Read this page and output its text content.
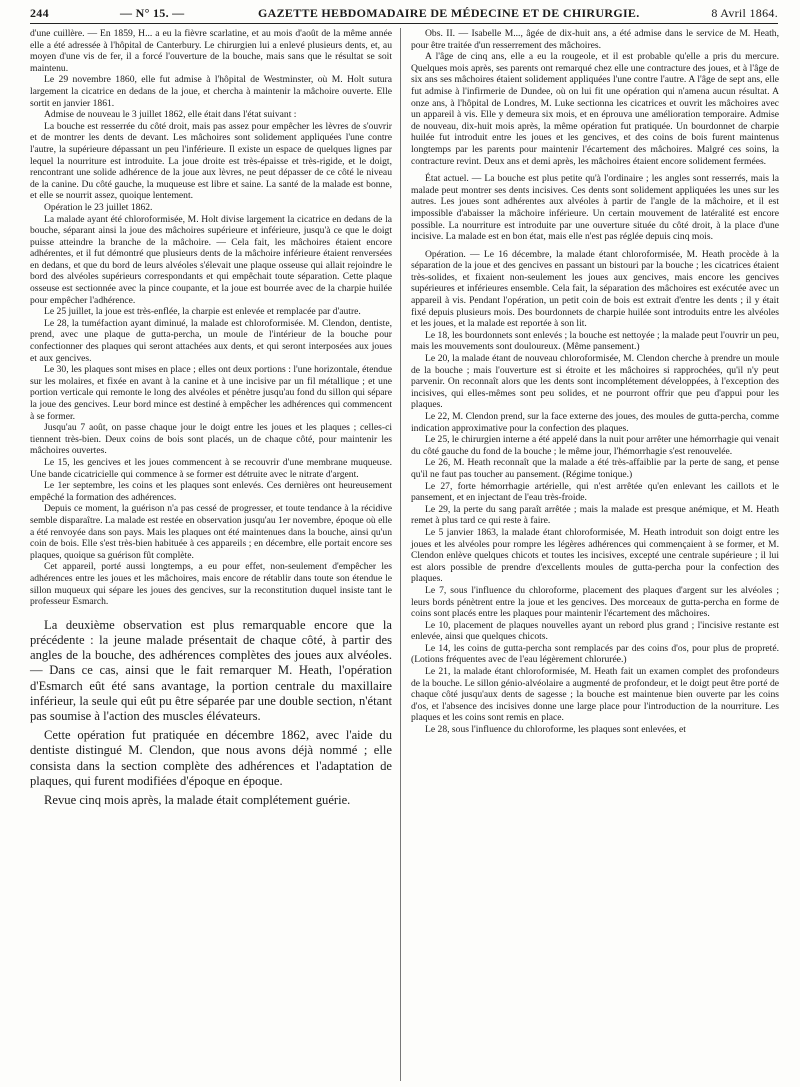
244	— N° 15. —	GAZETTE HEBDOMADAIRE DE MÉDECINE ET DE CHIRURGIE.	8 Avril 1864.

d'une cuillère. — En 1859, H... a eu la fièvre scarlatine, et au mois d'août de la même année elle a été adressée à l'hôpital de Canterbury. Le chirurgien lui a enlevé plusieurs dents, et, au moyen d'une vis de fer, il a forcé l'ouverture de la bouche, mais sans que le résultat se soit maintenu.

Le 29 novembre 1860, elle fut admise à l'hôpital de Westminster, où M. Holt sutura largement la cicatrice en dedans de la joue, et chercha à maintenir la mâchoire ouverte. Elle sortit en janvier 1861.

Admise de nouveau le 3 juillet 1862, elle était dans l'état suivant :

La bouche est resserrée du côté droit, mais pas assez pour empêcher les lèvres de s'ouvrir et de montrer les dents de devant. Les mâchoires sont solidement appliquées l'une contre l'autre, la supérieure dépassant un peu l'inférieure. Il existe un espace de quelques lignes par lequel la nourriture est introduite. La joue droite est très-épaisse et très-rigide, et le doigt, rencontrant une solide adhérence de la joue aux lèvres, ne peut dépasser de ce côté le niveau de la canine. Du côté gauche, la muqueuse est libre et saine. La santé de la malade est bonne, et elle se nourrit assez, quoique lentement.

Opération le 23 juillet 1862.

La malade ayant été chloroformisée, M. Holt divise largement la cicatrice en dedans de la bouche, séparant ainsi la joue des mâchoires supérieure et inférieure, jusqu'à ce que le doigt puisse atteindre la branche de la mâchoire. — Cela fait, les mâchoires étaient encore adhérentes, et il fut démontré que plusieurs dents de la mâchoire inférieure étaient renversées en dedans, et que du bord de leurs alvéoles s'élevait une plaque osseuse qui allait rejoindre le bord des alvéoles supérieurs correspondants et qui empêchait toute séparation. Cette plaque osseuse est sectionnée avec la pince coupante, et la joue est bourrée avec de la charpie huilée pour empêcher l'adhérence.

Le 25 juillet, la joue est très-enflée, la charpie est enlevée et remplacée par d'autre.

Le 28, la tuméfaction ayant diminué, la malade est chloroformisée. M. Clendon, dentiste, prend, avec une plaque de gutta-percha, un moule de l'intérieur de la bouche pour confectionner des plaques qui seront attachées aux dents, et qui seront interposées aux joues et aux gencives.

Le 30, les plaques sont mises en place ; elles ont deux portions : l'une horizontale, étendue sur les molaires, et fixée en avant à la canine et à une incisive par un fil métallique ; et une portion verticale qui remonte le long des alvéoles et pénètre jusqu'au fond du sillon qui sépare la joue des gencives. Leur bord mince est destiné à empêcher les adhérences qui commencent à se former.

Jusqu'au 7 août, on passe chaque jour le doigt entre les joues et les plaques ; celles-ci tiennent très-bien. Deux coins de bois sont placés, un de chaque côté, pour maintenir les mâchoires ouvertes.

Le 15, les gencives et les joues commencent à se recouvrir d'une membrane muqueuse. Une bande cicatricielle qui commence à se former est détruite avec le nitrate d'argent.

Le 1er septembre, les coins et les plaques sont enlevés. Ces dernières ont heureusement empêché la formation des adhérences.

Depuis ce moment, la guérison n'a pas cessé de progresser, et toute tendance à la récidive semble disparaître. La malade est restée en observation jusqu'au 1er novembre, époque où elle a été renvoyée dans son pays. Mais les plaques ont été maintenues dans la bouche, ainsi qu'un coin de bois. Elle s'est très-bien habituée à ces appareils ; en décembre, elle portait encore ses plaques, quoique sa guérison fût complète.

Cet appareil, porté aussi longtemps, a eu pour effet, non-seulement d'empêcher les adhérences entre les joues et les mâchoires, mais encore de rétablir dans toute son étendue le sillon muqueux qui sépare les joues des gencives, sur la reconstitution duquel insiste tant le professeur Esmarch.

La deuxième observation est plus remarquable encore que la précédente : la jeune malade présentait de chaque côté, à partir des angles de la bouche, des adhérences complètes des joues aux alvéoles. — Dans ce cas, ainsi que le fait remarquer M. Heath, l'opération d'Esmarch eût été sans avantage, la portion centrale du maxillaire inférieur, la seule qui eût pu être séparée par une double section, n'étant pas soumise à l'action des muscles élévateurs.

Cette opération fut pratiquée en décembre 1862, avec l'aide du dentiste distingué M. Clendon, que nous avons déjà nommé ; elle consista dans la section complète des adhérences et l'adaptation de plaques, qui furent modifiées d'époque en époque.

Revue cinq mois après, la malade était complétement guérie.

Obs. II. — Isabelle M..., âgée de dix-huit ans, a été admise dans le service de M. Heath, pour être traitée d'un resserrement des mâchoires.

A l'âge de cinq ans, elle a eu la rougeole, et il est probable qu'elle a pris du mercure. Quelques mois après, ses parents ont remarqué chez elle une contracture des joues, et à l'âge de six ans ses mâchoires étaient solidement appliquées l'une contre l'autre. A l'âge de sept ans, elle fut admise à l'infirmerie de Dundee, où on lui fit une opération qui n'amena aucun résultat. A onze ans, à l'hôpital de Londres, M. Luke sectionna les cicatrices et ouvrit les mâchoires avec un appareil à vis. Elle y demeura six mois, et en éprouva une amélioration temporaire. Admise de nouveau, dix-huit mois après, la même opération fut pratiquée. Un bourdonnet de charpie huilée fut introduit entre les joues et les gencives, et des coins de bois furent maintenus longtemps par les parents pour maintenir l'écartement des mâchoires. Malgré ces soins, la contracture revint. Deux ans et demi après, les mâchoires étaient encore solidement fermées.

État actuel. — La bouche est plus petite qu'à l'ordinaire ; les angles sont resserrés, mais la malade peut montrer ses dents incisives. Ces dents sont solidement appliquées les unes sur les autres. Les joues sont adhérentes aux alvéoles à partir de l'angle de la mâchoire, et il est impossible d'abaisser la mâchoire inférieure. Un certain mouvement de latéralité est encore possible. La nourriture est introduite par une ouverture située du côté droit, à la place d'une incisive. La malade est en bon état, mais elle n'est pas réglée depuis cinq mois.

Opération. — Le 16 décembre, la malade étant chloroformisée, M. Heath procède à la séparation de la joue et des gencives en passant un bistouri par la bouche ; les cicatrices étaient très-solides, et fixaient non-seulement les joues aux gencives, mais encore les gencives supérieures et inférieures ensemble. Cela fait, la séparation des mâchoires est exécutée avec un appareil à vis. Pendant l'opération, un petit coin de bois est extrait d'entre les dents ; il y était fixé depuis plusieurs mois. Des bourdonnets de charpie huilée sont introduits entre les alvéoles et les joues, et la malade est reportée à son lit.

Le 18, les bourdonnets sont enlevés ; la bouche est nettoyée ; la malade peut l'ouvrir un peu, mais les mouvements sont douloureux. (Même pansement.)

Le 20, la malade étant de nouveau chloroformisée, M. Clendon cherche à prendre un moule de la bouche ; mais l'ouverture est si étroite et les mâchoires si rapprochées, qu'il n'y peut parvenir. On reconnaît alors que les dents sont incomplétement développées, à l'exception des incisives, qui elles-mêmes sont peu solides, et ne pourront offrir que peu d'appui pour les plaques.

Le 22, M. Clendon prend, sur la face externe des joues, des moules de gutta-percha, comme indication approximative pour la confection des plaques.

Le 25, le chirurgien interne a été appelé dans la nuit pour arrêter une hémorrhagie qui venait du côté gauche du fond de la bouche ; le même jour, l'hémorrhagie s'est renouvelée.

Le 26, M. Heath reconnaît que la malade a été très-affaiblie par la perte de sang, et pense qu'il ne faut pas toucher au pansement. (Régime tonique.)

Le 27, forte hémorrhagie artérielle, qui n'est arrêtée qu'en enlevant les caillots et le pansement, et en injectant de l'eau très-froide.

Le 29, la perte du sang paraît arrêtée ; mais la malade est presque anémique, et M. Heath remet à plus tard ce qui reste à faire.

Le 5 janvier 1863, la malade étant chloroformisée, M. Heath introduit son doigt entre les joues et les alvéoles pour rompre les légères adhérences qui commençaient à se former, et M. Clendon enlève quelques chicots et toutes les incisives, excepté une centrale supérieure ; il lui est alors possible de prendre d'excellents moules de gutta-percha pour la confection des plaques.

Le 7, sous l'influence du chloroforme, placement des plaques d'argent sur les alvéoles ; leurs bords pénètrent entre la joue et les gencives. Des morceaux de gutta-percha en forme de coins sont placés entre les plaques pour maintenir l'écartement des mâchoires.

Le 10, placement de plaques nouvelles ayant un rebord plus grand ; l'incisive restante est enlevée, ainsi que quelques chicots.

Le 14, les coins de gutta-percha sont remplacés par des coins d'os, pour plus de propreté. (Lotions fréquentes avec de l'eau légèrement chlorurée.)

Le 21, la malade étant chloroformisée, M. Heath fait un examen complet des profondeurs de la bouche. Le sillon génio-alvéolaire a augmenté de profondeur, et le doigt peut être porté de chaque côté jusqu'aux dents de sagesse ; la bouche est maintenue bien ouverte par les coins d'os, et l'absence des incisives donne une large place pour l'introduction de la nourriture. Les plaques et les coins sont remis en place.

Le 28, sous l'influence du chloroforme, les plaques sont enlevées, et
